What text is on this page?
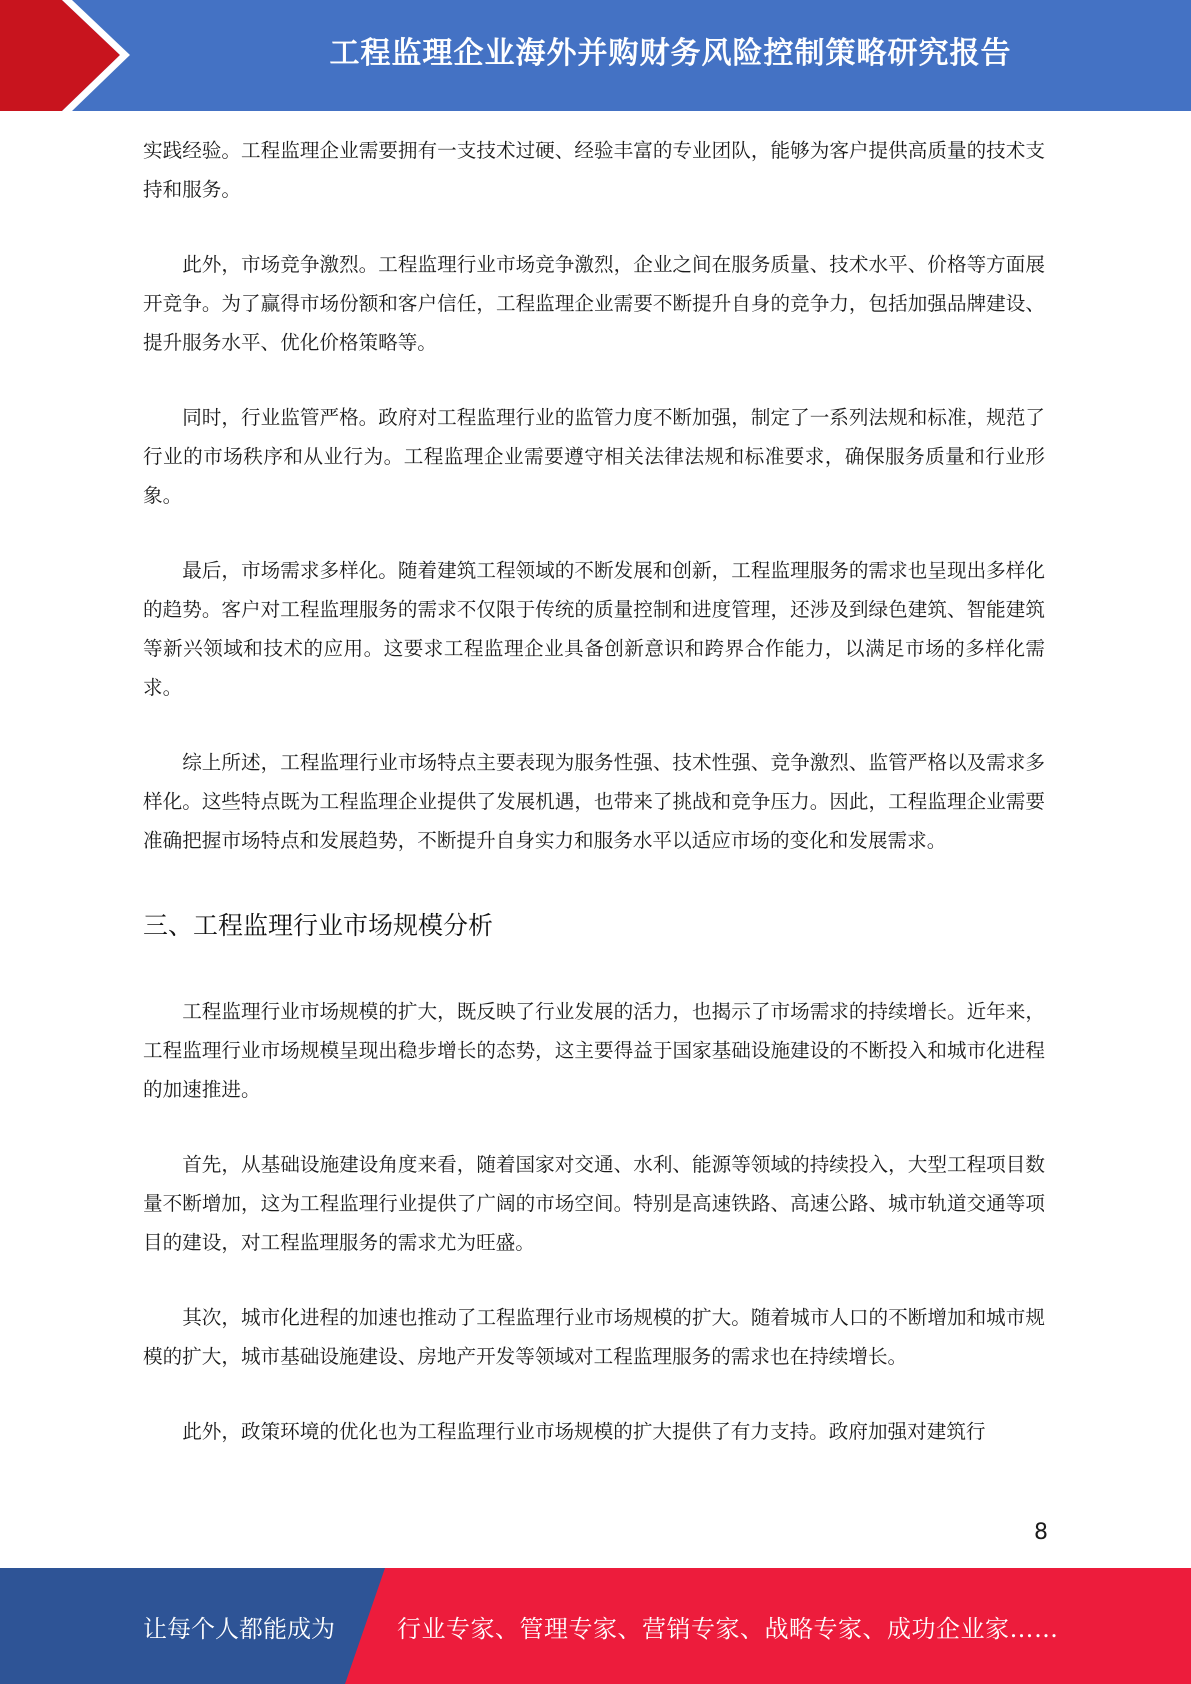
工程监理企业海外并购财务风险控制策略研究报告

实践经验。工程监理企业需要拥有一支技术过硬、经验丰富的专业团队，能够为客户提供高质量的技术支持和服务。

此外，市场竞争激烈。工程监理行业市场竞争激烈，企业之间在服务质量、技术水平、价格等方面展开竞争。为了赢得市场份额和客户信任，工程监理企业需要不断提升自身的竞争力，包括加强品牌建设、提升服务水平、优化价格策略等。

同时，行业监管严格。政府对工程监理行业的监管力度不断加强，制定了一系列法规和标准，规范了行业的市场秩序和从业行为。工程监理企业需要遵守相关法律法规和标准要求，确保服务质量和行业形象。

最后，市场需求多样化。随着建筑工程领域的不断发展和创新，工程监理服务的需求也呈现出多样化的趋势。客户对工程监理服务的需求不仅限于传统的质量控制和进度管理，还涉及到绿色建筑、智能建筑等新兴领域和技术的应用。这要求工程监理企业具备创新意识和跨界合作能力，以满足市场的多样化需求。

综上所述，工程监理行业市场特点主要表现为服务性强、技术性强、竞争激烈、监管严格以及需求多样化。这些特点既为工程监理企业提供了发展机遇，也带来了挑战和竞争压力。因此，工程监理企业需要准确把握市场特点和发展趋势，不断提升自身实力和服务水平以适应市场的变化和发展需求。

三、工程监理行业市场规模分析

工程监理行业市场规模的扩大，既反映了行业发展的活力，也揭示了市场需求的持续增长。近年来，工程监理行业市场规模呈现出稳步增长的态势，这主要得益于国家基础设施建设的不断投入和城市化进程的加速推进。

首先，从基础设施建设角度来看，随着国家对交通、水利、能源等领域的持续投入，大型工程项目数量不断增加，这为工程监理行业提供了广阔的市场空间。特别是高速铁路、高速公路、城市轨道交通等项目的建设，对工程监理服务的需求尤为旺盛。

其次，城市化进程的加速也推动了工程监理行业市场规模的扩大。随着城市人口的不断增加和城市规模的扩大，城市基础设施建设、房地产开发等领域对工程监理服务的需求也在持续增长。

此外，政策环境的优化也为工程监理行业市场规模的扩大提供了有力支持。政府加强对建筑行

8
让每个人都能成为	行业专家、管理专家、营销专家、战略专家、成功企业家……
